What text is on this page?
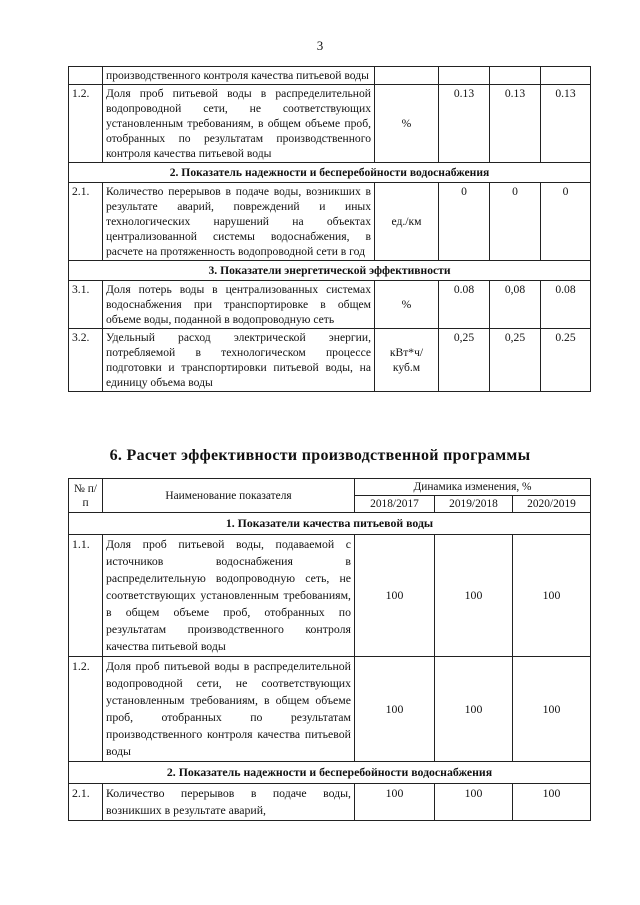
3
	производственного контроля качества питьевой воды				
1.2.	Доля проб питьевой воды в распределительной водопроводной сети, не соответствующих установленным требованиям, в общем объеме проб, отобранных по результатам производственного контроля качества питьевой воды	%	0.13	0.13	0.13
2. Показатель надежности и бесперебойности водоснабжения					
2.1.	Количество перерывов в подаче воды, возникших в результате аварий, повреждений и иных технологических нарушений на объектах централизованной системы водоснабжения, в расчете на протяженность водопроводной сети в год	ед./км	0	0	0
3. Показатели энергетической эффективности					
3.1.	Доля потерь воды в централизованных системах водоснабжения при транспортировке в общем объеме воды, поданной в водопроводную сеть	%	0.08	0,08	0.08
3.2.	Удельный расход электрической энергии, потребляемой в технологическом процессе подготовки и транспортировки питьевой воды, на единицу объема воды	кВт*ч/ куб.м	0,25	0,25	0.25
6. Расчет эффективности производственной программы
№ п/п	Наименование показателя	Динамика изменения, %		
		2018/2017	2019/2018	2020/2019
1. Показатели качества питьевой воды				
1.1.	Доля проб питьевой воды, подаваемой с источников водоснабжения в распределительную водопроводную сеть, не соответствующих установленным требованиям, в общем объеме проб, отобранных по результатам производственного контроля качества питьевой воды	100	100	100
1.2.	Доля проб питьевой воды в распределительной водопроводной сети, не соответствующих установленным требованиям, в общем объеме проб, отобранных по результатам производственного контроля качества питьевой воды	100	100	100
2. Показатель надежности и бесперебойности водоснабжения				
2.1.	Количество перерывов в подаче воды, возникших в результате аварий,	100	100	100
